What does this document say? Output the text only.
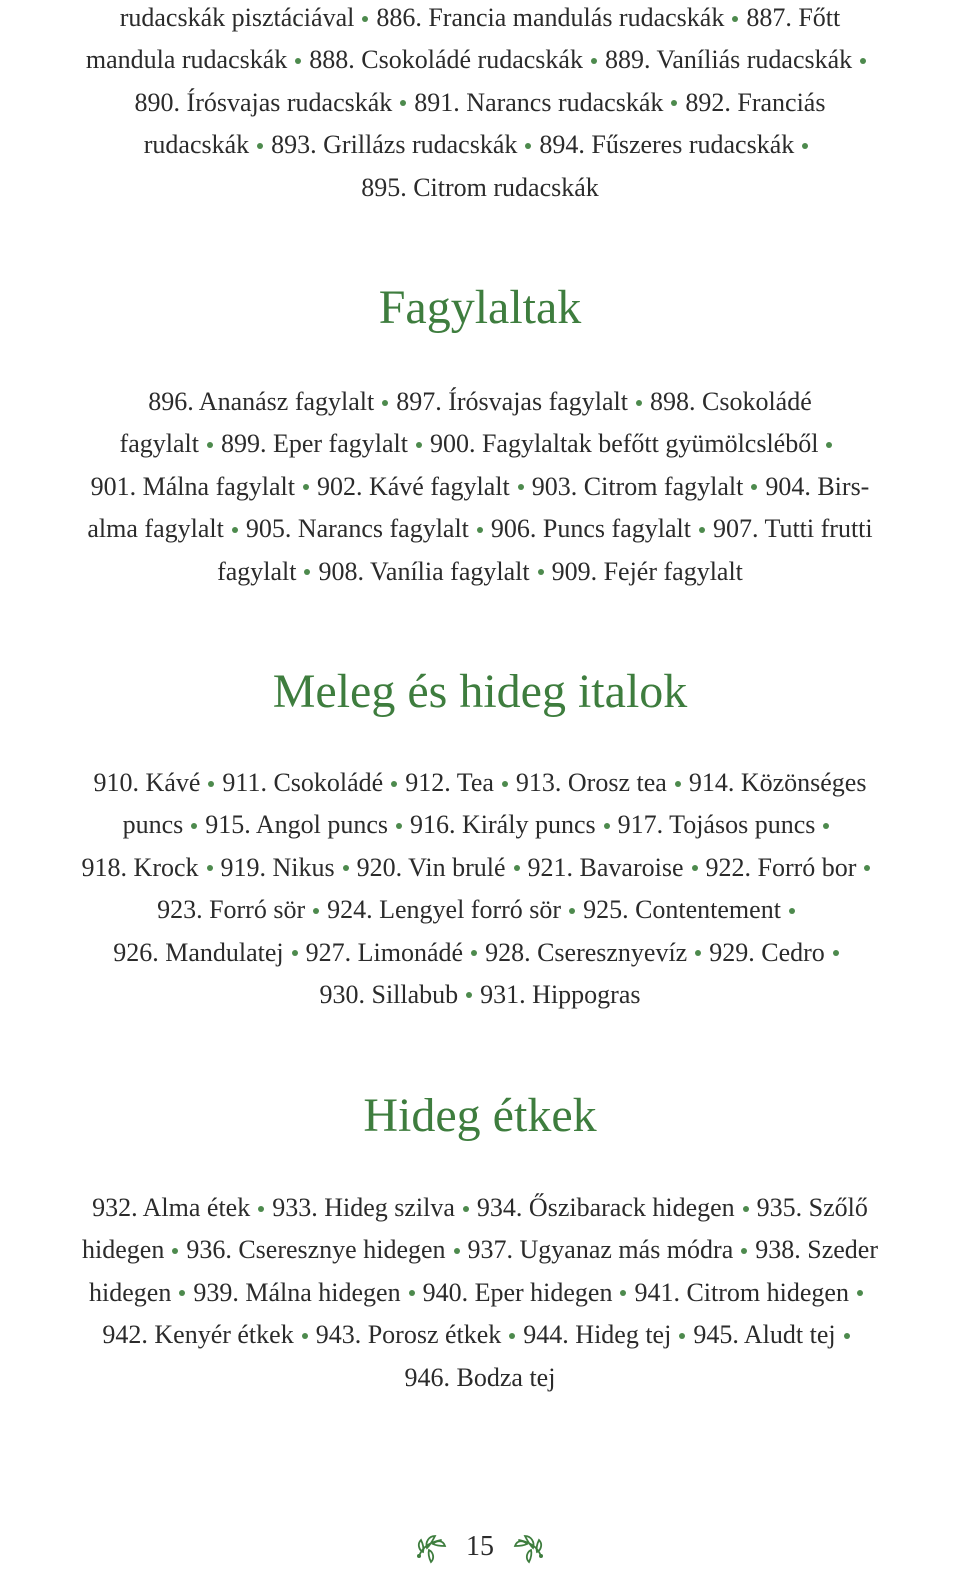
rudacskák pisztáciával 886. Francia mandulás rudacskák 887. Főtt
mandula rudacskák 888. Csokoládé rudacskák 889. Vaníliás rudacskák
890. Írósvajas rudacskák 891. Narancs rudacskák 892. Franciás
rudacskák 893. Grillázs rudacskák 894. Fűszeres rudacskák
895. Citrom rudacskák
Fagylaltak
896. Ananász fagylalt 897. Írósvajas fagylalt 898. Csokoládé
fagylalt 899. Eper fagylalt 900. Fagylaltak befőtt gyümölcsléből
901. Málna fagylalt 902. Kávé fagylalt 903. Citrom fagylalt 904. Birs-
alma fagylalt 905. Narancs fagylalt 906. Puncs fagylalt 907. Tutti frutti
fagylalt 908. Vanília fagylalt 909. Fejér fagylalt
Meleg és hideg italok
910. Kávé 911. Csokoládé 912. Tea 913. Orosz tea 914. Közönséges
puncs 915. Angol puncs 916. Király puncs 917. Tojásos puncs
918. Krock 919. Nikus 920. Vin brulé 921. Bavaroise 922. Forró bor
923. Forró sör 924. Lengyel forró sör 925. Contentement
926. Mandulatej 927. Limonádé 928. Cseresznyevíz 929. Cedro
930. Sillabub 931. Hippogras
Hideg étkek
932. Alma étek 933. Hideg szilva 934. Őszibarack hidegen 935. Szőlő
hidegen 936. Cseresznye hidegen 937. Ugyanaz más módra 938. Szeder
hidegen 939. Málna hidegen 940. Eper hidegen 941. Citrom hidegen
942. Kenyér étkek 943. Porosz étkek 944. Hideg tej 945. Aludt tej
946. Bodza tej
15
